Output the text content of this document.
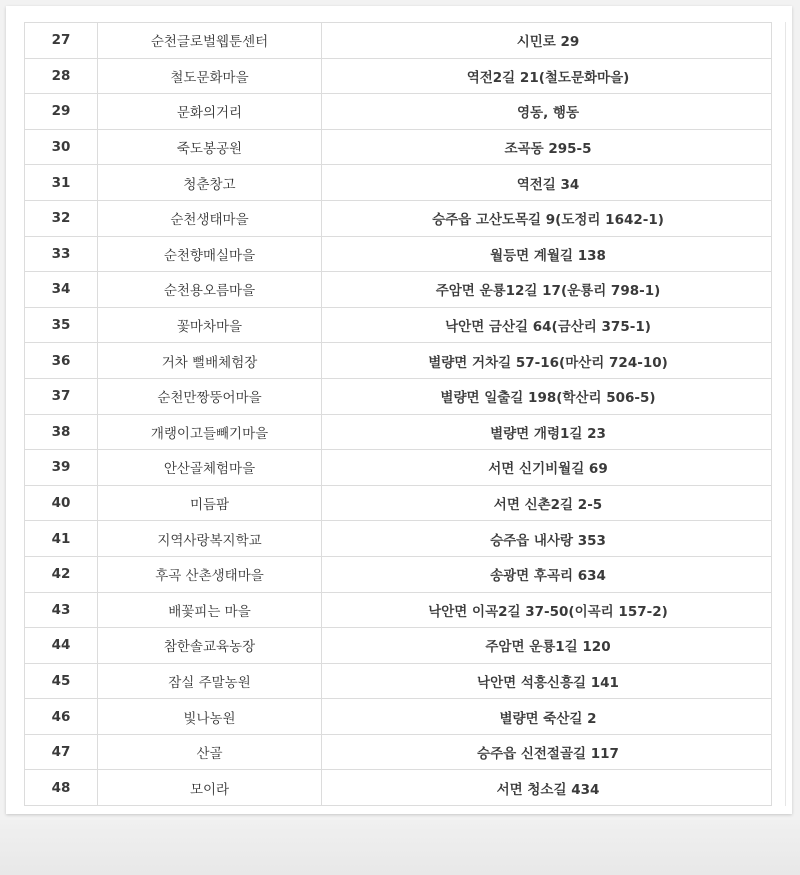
27	순천글로벌웹툰센터	시민로 29
28	철도문화마을	역전2길 21(철도문화마을)
29	문화의거리	영동, 행동
30	죽도봉공원	조곡동 295-5
31	청춘창고	역전길 34
32	순천생태마을	승주읍 고산도목길 9(도정리 1642-1)
33	순천향매실마을	월등면 계월길 138
34	순천용오름마을	주암면 운룡12길 17(운룡리 798-1)
35	꽃마차마을	낙안면 금산길 64(금산리 375-1)
36	거차 뻘배체험장	별량면 거차길 57-16(마산리 724-10)
37	순천만짱뚱어마을	별량면 일출길 198(학산리 506-5)
38	개랭이고들빼기마을	별량면 개령1길 23
39	안산골체험마을	서면 신기비월길 69
40	미듬팜	서면 신촌2길 2-5
41	지역사랑복지학교	승주읍 내사랑 353
42	후곡 산촌생태마을	송광면 후곡리 634
43	배꽃피는 마을	낙안면 이곡2길 37-50(이곡리 157-2)
44	참한솔교육농장	주암면 운룡1길 120
45	잠실 주말농원	낙안면 석흥신흥길 141
46	빛나농원	별량면 죽산길 2
47	산골	승주읍 신전절골길 117
48	모이라	서면 청소길 434
